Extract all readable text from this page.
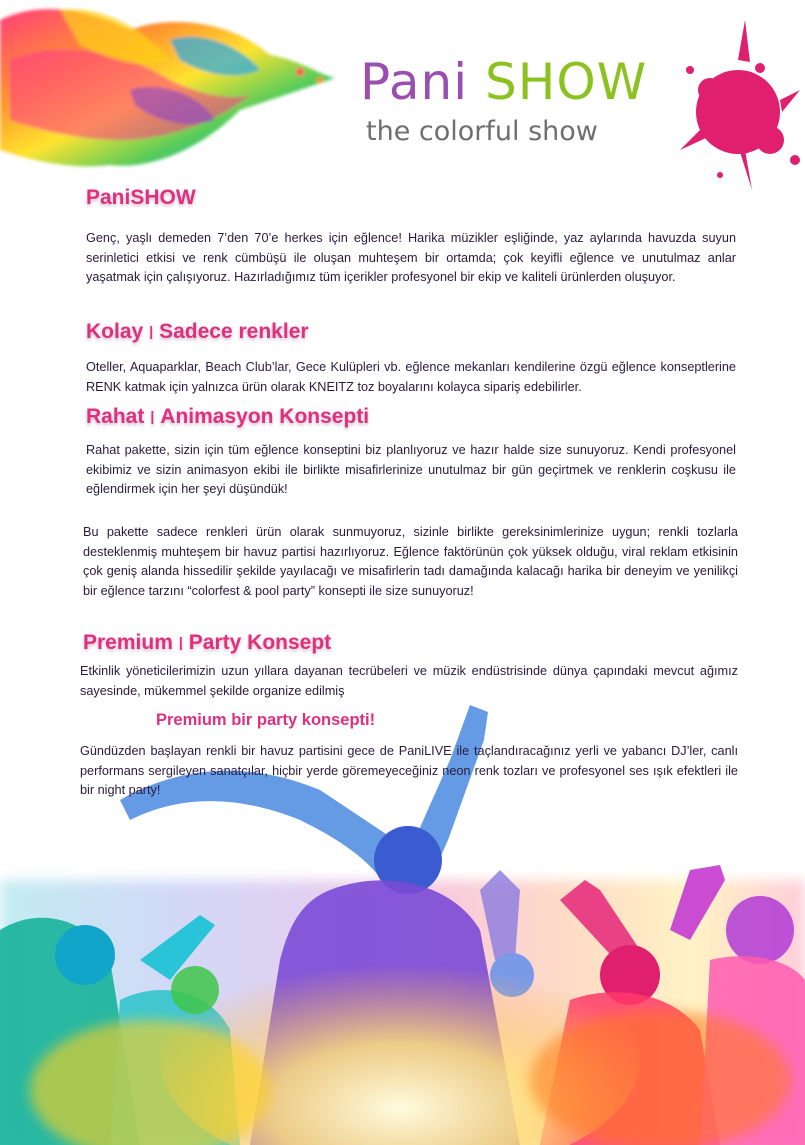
Pani SHOW
the colorful show
PaniSHOW
Genç, yaşlı demeden 7’den 70’e herkes için eğlence! Harika müzikler eşliğinde, yaz aylarında havuzda suyun serinletici etkisi ve renk cümbüşü ile oluşan muhteşem bir ortamda; çok keyifli eğlence ve unutulmaz anlar yaşatmak için çalışıyoruz. Hazırladığımız tüm içerikler profesyonel bir ekip ve kaliteli ürünlerden oluşuyor.
Kolay | Sadece renkler
Oteller, Aquaparklar, Beach Club’lar, Gece Kulüpleri vb. eğlence mekanları kendilerine özgü eğlence konseptlerine RENK katmak için yalnızca ürün olarak KNEITZ toz boyalarını kolayca sipariş edebilirler.
Rahat | Animasyon Konsepti
Rahat pakette, sizin için tüm eğlence konseptini biz planlıyoruz ve hazır halde size sunuyoruz. Kendi profesyonel ekibimiz ve sizin animasyon ekibi ile birlikte misafirlerinize unutulmaz bir gün geçirtmek ve renklerin coşkusu ile eğlendirmek için her şeyi düşündük!
Bu pakette sadece renkleri ürün olarak sunmuyoruz, sizinle birlikte gereksinimlerinize uygun; renkli tozlarla desteklenmiş muhteşem bir havuz partisi hazırlıyoruz. Eğlence faktörünün çok yüksek olduğu, viral reklam etkisinin çok geniş alanda hissedilir şekilde yayılacağı ve misafirlerin tadı damağında kalacağı harika bir deneyim ve yenilikçi bir eğlence tarzını “colorfest & pool party” konsepti ile size sunuyoruz!
Premium | Party Konsept
Etkinlik yöneticilerimizin uzun yıllara dayanan tecrübeleri ve müzik endüstrisinde dünya çapındaki mevcut ağımız sayesinde, mükemmel şekilde organize edilmiş
Premium bir party konsepti!
Gündüzden başlayan renkli bir havuz partisini gece de PaniLIVE ile taçlandıracağınız yerli ve yabancı DJ’ler, canlı performans sergileyen sanatçılar, hiçbir yerde göremeyeceğiniz neon renk tozları ve profesyonel ses ışık efektleri ile bir night party!
